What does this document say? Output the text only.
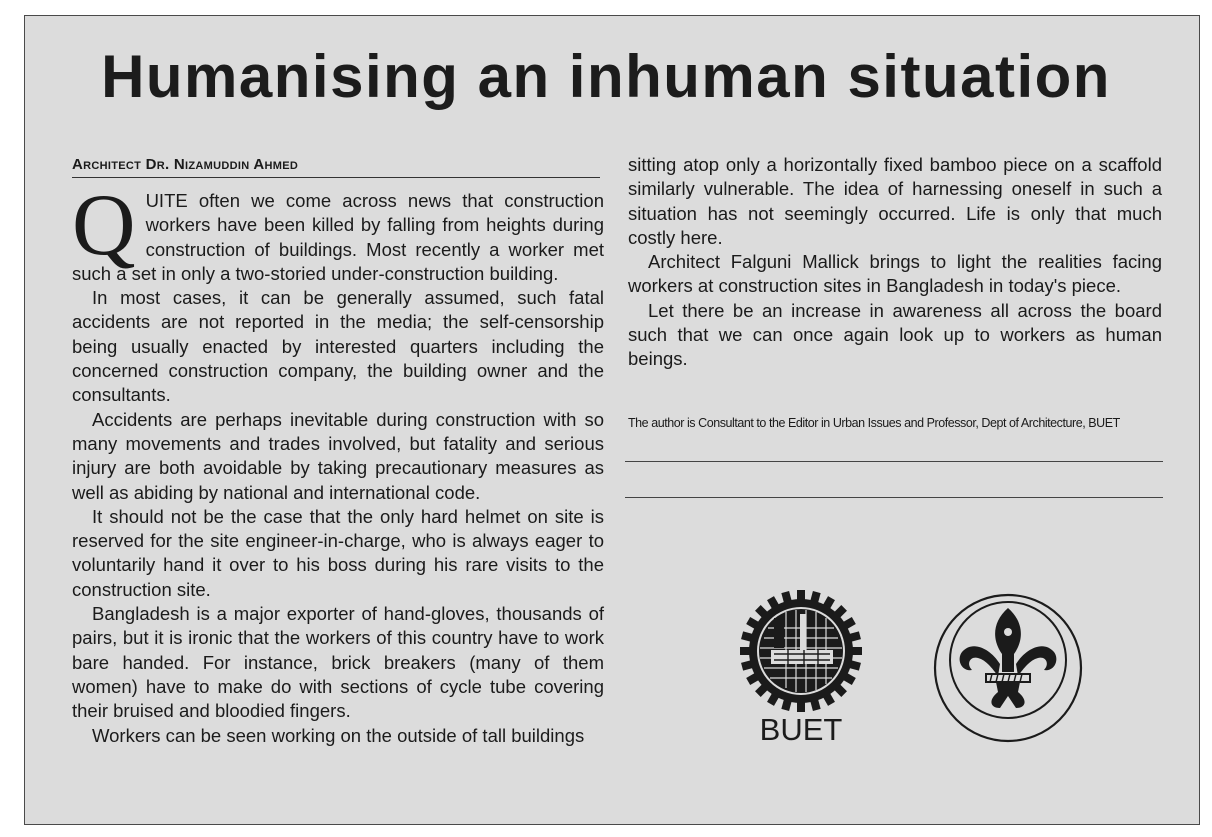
Humanising an inhuman situation
Architect Dr. Nizamuddin Ahmed

QUITE often we come across news that construction workers have been killed by falling from heights during construction of buildings. Most recently a worker met such a set in only a two-storied under-construction building.

In most cases, it can be generally assumed, such fatal accidents are not reported in the media; the self-censorship being usually enacted by interested quarters including the concerned construction company, the building owner and the consultants.

Accidents are perhaps inevitable during construction with so many movements and trades involved, but fatality and serious injury are both avoidable by taking precautionary measures as well as abiding by national and international code.

It should not be the case that the only hard helmet on site is reserved for the site engineer-in-charge, who is always eager to voluntarily hand it over to his boss during his rare visits to the construction site.

Bangladesh is a major exporter of hand-gloves, thousands of pairs, but it is ironic that the workers of this country have to work bare handed. For instance, brick breakers (many of them women) have to make do with sections of cycle tube covering their bruised and bloodied fingers.

Workers can be seen working on the outside of tall buildings

sitting atop only a horizontally fixed bamboo piece on a scaffold similarly vulnerable. The idea of harnessing oneself in such a situation has not seemingly occurred. Life is only that much costly here.

Architect Falguni Mallick brings to light the realities facing workers at construction sites in Bangladesh in today's piece.

Let there be an increase in awareness all across the board such that we can once again look up to workers as human beings.

The author is Consultant to the Editor in Urban Issues and Professor, Dept of Architecture, BUET
BUET
